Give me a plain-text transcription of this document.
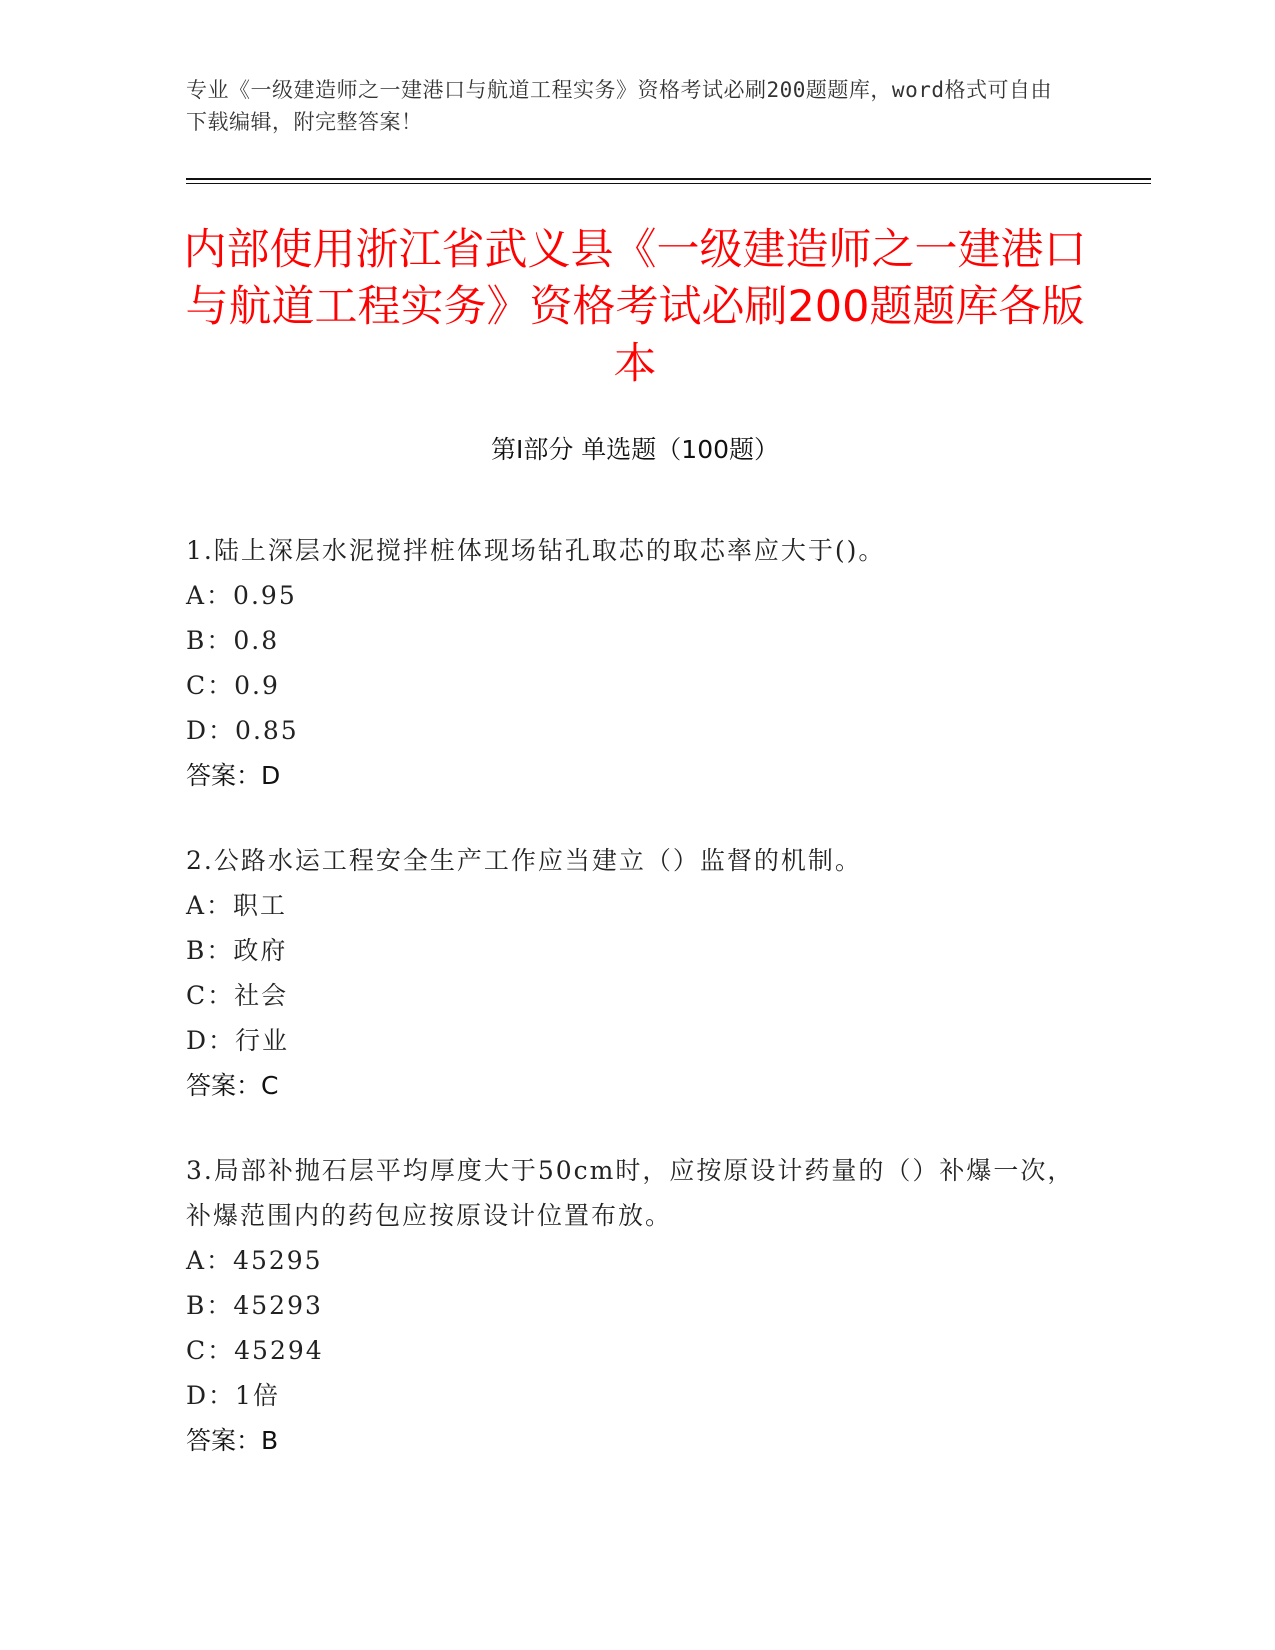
专业《一级建造师之一建港口与航道工程实务》资格考试必刷200题题库，word格式可自由下载编辑，附完整答案！
内部使用浙江省武义县《一级建造师之一建港口与航道工程实务》资格考试必刷200题题库各版本
第I部分 单选题（100题）

1.陆上深层水泥搅拌桩体现场钻孔取芯的取芯率应大于()。

A：0.95

B：0.8

C：0.9

D：0.85

答案：D

2.公路水运工程安全生产工作应当建立（）监督的机制。

A：职工

B：政府

C：社会

D：行业

答案：C

3.局部补抛石层平均厚度大于50cm时，应按原设计药量的（）补爆一次，补爆范围内的药包应按原设计位置布放。

A：45295

B：45293

C：45294

D：1倍

答案：B
